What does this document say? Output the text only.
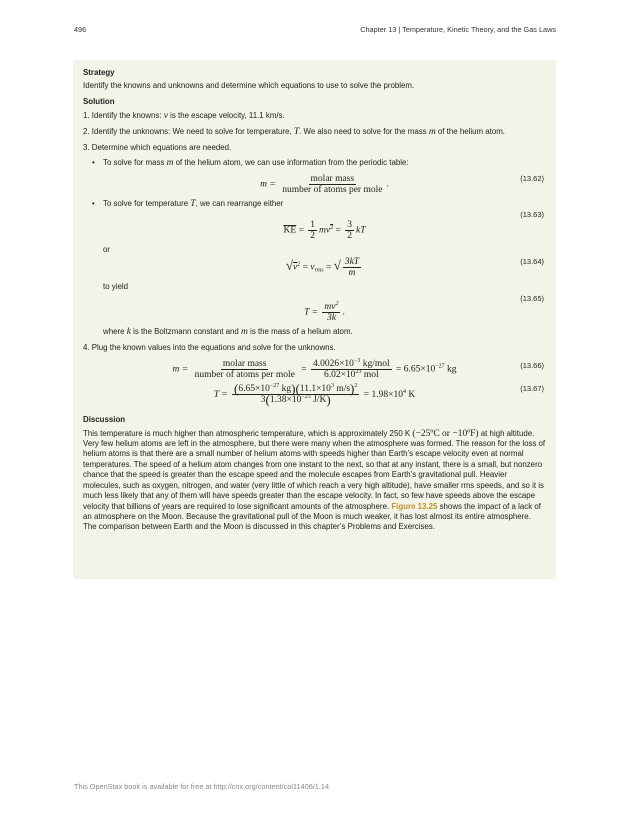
496	Chapter 13 | Temperature, Kinetic Theory, and the Gas Laws
Strategy
Identify the knowns and unknowns and determine which equations to use to solve the problem.
Solution
1. Identify the knowns: v is the escape velocity, 11.1 km/s.
2. Identify the unknowns: We need to solve for temperature, T. We also need to solve for the mass m of the helium atom.
3. Determine which equations are needed.
• To solve for mass m of the helium atom, we can use information from the periodic table:
(13.62)
$m = \frac{\text{molar mass}}{\text{number of atoms per mole}}$ .
• To solve for temperature T, we can rearrange either
(13.63)
$\overline{KE} = \frac{1}{2} mv^2 = \frac{3}{2}$ kT
or
(13.64)
$√v^2 = v_{rms}$ = √ $\frac{3kT}{m}$
to yield
(13.65)
$T = \frac{mv^2}{3k}$ .
where k is the Boltzmann constant and m is the mass of a helium atom.
4. Plug the known values into the equations and solve for the unknowns.
(13.66)
$m = \frac{\text{molar mass}}{\text{number of atoms per mole}} = \frac{4.0026\times 10^{-3} kg/mol}{6.02\times 10^{23} mol} = 6.65\times 10^{-27}$ kg
(13.67)
$T = \frac{(6.65\times 10^{-27} kg)(11.1\times 10^3 m/s)^2}{3(1.38\times 10^{-23} J/K)} = 1.98\times 10^4$ K
Discussion
This temperature is much higher than atmospheric temperature, which is approximately 250 K (−25ºC or −10ºF) at high altitude. Very few helium atoms are left in the atmosphere, but there were many when the atmosphere was formed. The reason for the loss of helium atoms is that there are a small number of helium atoms with speeds higher than Earth’s escape velocity even at normal temperatures. The speed of a helium atom changes from one instant to the next, so that at any instant, there is a small, but nonzero chance that the speed is greater than the escape speed and the molecule escapes from Earth’s gravitational pull. Heavier molecules, such as oxygen, nitrogen, and water (very little of which reach a very high altitude), have smaller rms speeds, and so it is much less likely that any of them will have speeds greater than the escape velocity. In fact, so few have speeds above the escape velocity that billions of years are required to lose significant amounts of the atmosphere. Figure 13.25 shows the impact of a lack of an atmosphere on the Moon. Because the gravitational pull of the Moon is much weaker, it has lost almost its entire atmosphere. The comparison between Earth and the Moon is discussed in this chapter’s Problems and Exercises.
This OpenStax book is available for free at http://cnx.org/content/col11406/1.14
